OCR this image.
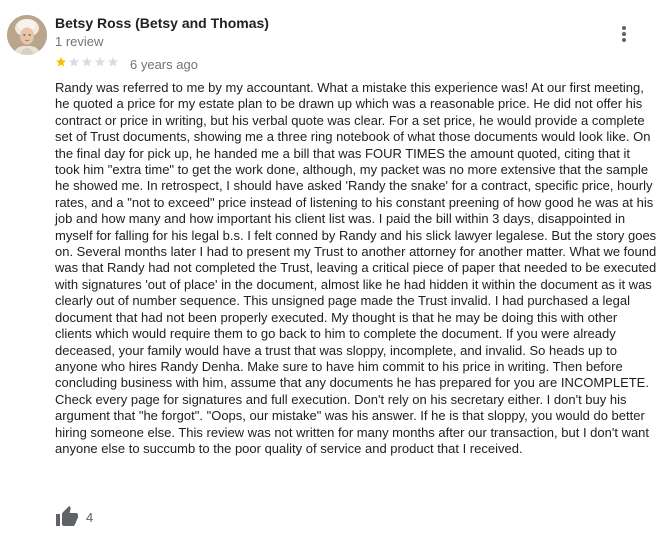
Betsy Ross (Betsy and Thomas)
1 review
6 years ago
Randy was referred to me by my accountant. What a mistake this experience was! At our first meeting,
he quoted a price for my estate plan to be drawn up which was a reasonable price. He did not offer his
contract or price in writing, but his verbal quote was clear. For a set price, he would provide a complete
set of Trust documents, showing me a three ring notebook of what those documents would look like. On
the final day for pick up, he handed me a bill that was FOUR TIMES the amount quoted, citing that it
took him "extra time" to get the work done, although, my packet was no more extensive that the sample
he showed me. In retrospect, I should have asked 'Randy the snake' for a contract, specific price, hourly
rates, and a "not to exceed" price instead of listening to his constant preening of how good he was at his
job and how many and how important his client list was. I paid the bill within 3 days, disappointed in
myself for falling for his legal b.s. I felt conned by Randy and his slick lawyer legalese. But the story goes
on. Several months later I had to present my Trust to another attorney for another matter. What we found
was that Randy had not completed the Trust, leaving a critical piece of paper that needed to be executed
with signatures 'out of place' in the document, almost like he had hidden it within the document as it was
clearly out of number sequence. This unsigned page made the Trust invalid. I had purchased a legal
document that had not been properly executed. My thought is that he may be doing this with other
clients which would require them to go back to him to complete the document. If you were already
deceased, your family would have a trust that was sloppy, incomplete, and invalid. So heads up to
anyone who hires Randy Denha. Make sure to have him commit to his price in writing. Then before
concluding business with him, assume that any documents he has prepared for you are INCOMPLETE.
Check every page for signatures and full execution. Don't rely on his secretary either. I don't buy his
argument that "he forgot". "Oops, our mistake" was his answer. If he is that sloppy, you would do better
hiring someone else. This review was not written for many months after our transaction, but I don't want
anyone else to succumb to the poor quality of service and product that I received.
4
